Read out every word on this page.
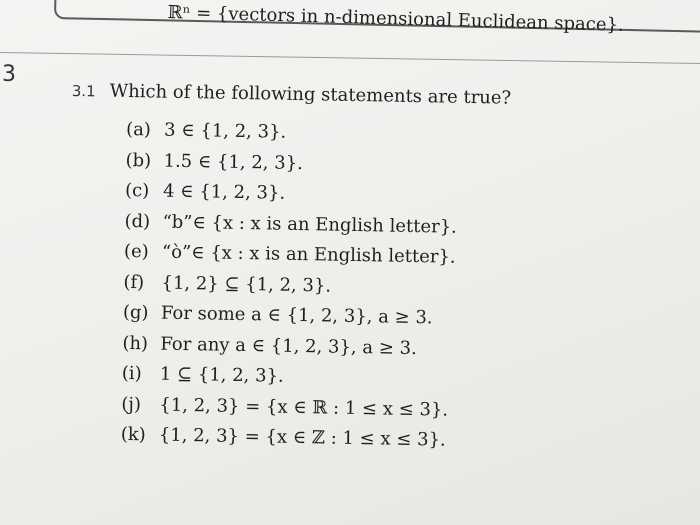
ℝⁿ = {vectors in n-dimensional Euclidean space}.
3
3.1 Which of the following statements are true?
(a) 3 ∈ {1, 2, 3}.
(b) 1.5 ∈ {1, 2, 3}.
(c) 4 ∈ {1, 2, 3}.
(d) “b”∈ {x : x is an English letter}.
(e) “ò”∈ {x : x is an English letter}.
(f) {1, 2} ⊆ {1, 2, 3}.
(g) For some a ∈ {1, 2, 3}, a ≥ 3.
(h) For any a ∈ {1, 2, 3}, a ≥ 3.
(i) 1 ⊆ {1, 2, 3}.
(j) {1, 2, 3} = {x ∈ ℝ : 1 ≤ x ≤ 3}.
(k) {1, 2, 3} = {x ∈ ℤ : 1 ≤ x ≤ 3}.
